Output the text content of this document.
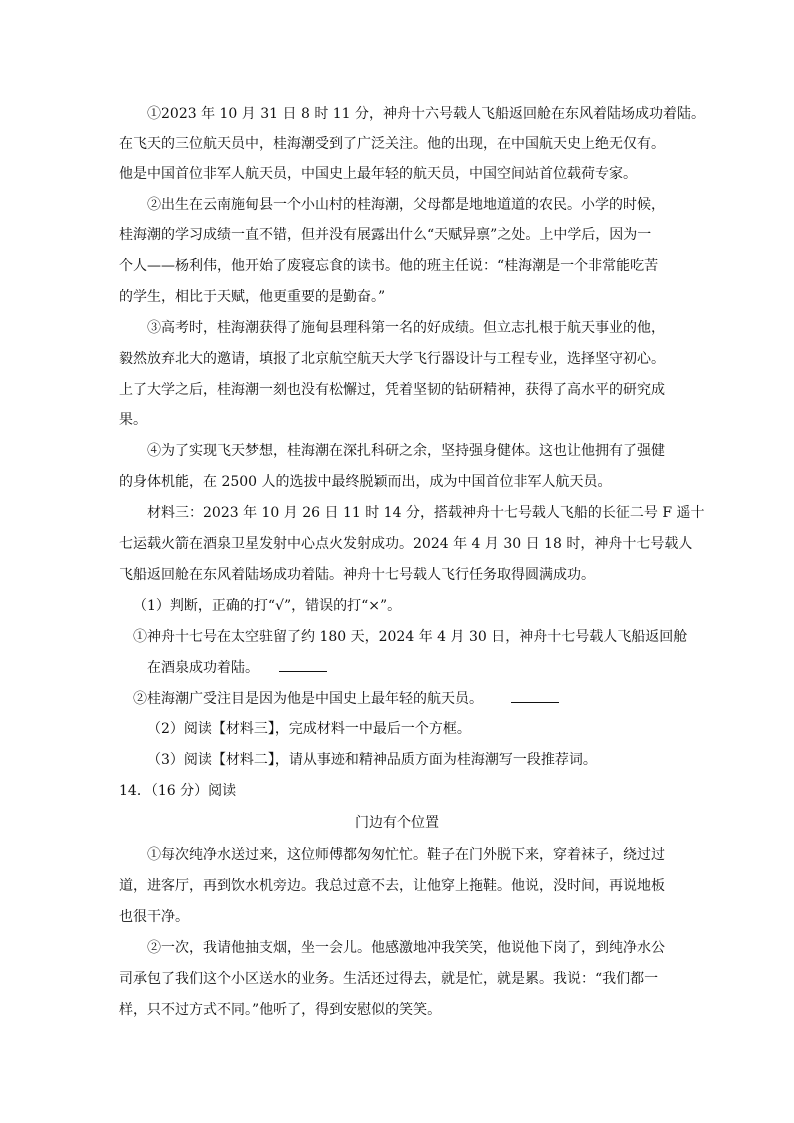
①2023 年 10 月 31 日 8 时 11 分，神舟十六号载人飞船返回舱在东风着陆场成功着陆。
在飞天的三位航天员中，桂海潮受到了广泛关注。他的出现，在中国航天史上绝无仅有。
他是中国首位非军人航天员，中国史上最年轻的航天员，中国空间站首位载荷专家。
②出生在云南施甸县一个小山村的桂海潮，父母都是地地道道的农民。小学的时候，
桂海潮的学习成绩一直不错，但并没有展露出什么“天赋异禀”之处。上中学后，因为一
个人——杨利伟，他开始了废寝忘食的读书。他的班主任说：“桂海潮是一个非常能吃苦
的学生，相比于天赋，他更重要的是勤奋。”
③高考时，桂海潮获得了施甸县理科第一名的好成绩。但立志扎根于航天事业的他，
毅然放弃北大的邀请，填报了北京航空航天大学飞行器设计与工程专业，选择坚守初心。
上了大学之后，桂海潮一刻也没有松懈过，凭着坚韧的钻研精神，获得了高水平的研究成
果。
④为了实现飞天梦想，桂海潮在深扎科研之余，坚持强身健体。这也让他拥有了强健
的身体机能，在 2500 人的选拔中最终脱颖而出，成为中国首位非军人航天员。
材料三：2023 年 10 月 26 日 11 时 14 分，搭载神舟十七号载人飞船的长征二号 F 遥十
七运载火箭在酒泉卫星发射中心点火发射成功。2024 年 4 月 30 日 18 时，神舟十七号载人
飞船返回舱在东风着陆场成功着陆。神舟十七号载人飞行任务取得圆满成功。
（1）判断，正确的打“√”，错误的打“×”。
①神舟十七号在太空驻留了约 180 天，2024 年 4 月 30 日，神舟十七号载人飞船返回舱
在酒泉成功着陆。
②桂海潮广受注目是因为他是中国史上最年轻的航天员。
（2）阅读【材料三】，完成材料一中最后一个方框。
（3）阅读【材料二】，请从事迹和精神品质方面为桂海潮写一段推荐词。
14．（16 分）阅读
门边有个位置
①每次纯净水送过来，这位师傅都匆匆忙忙。鞋子在门外脱下来，穿着袜子，绕过过
道，进客厅，再到饮水机旁边。我总过意不去，让他穿上拖鞋。他说，没时间，再说地板
也很干净。
②一次，我请他抽支烟，坐一会儿。他感激地冲我笑笑，他说他下岗了，到纯净水公
司承包了我们这个小区送水的业务。生活还过得去，就是忙，就是累。我说：“我们都一
样，只不过方式不同。”他听了，得到安慰似的笑笑。
